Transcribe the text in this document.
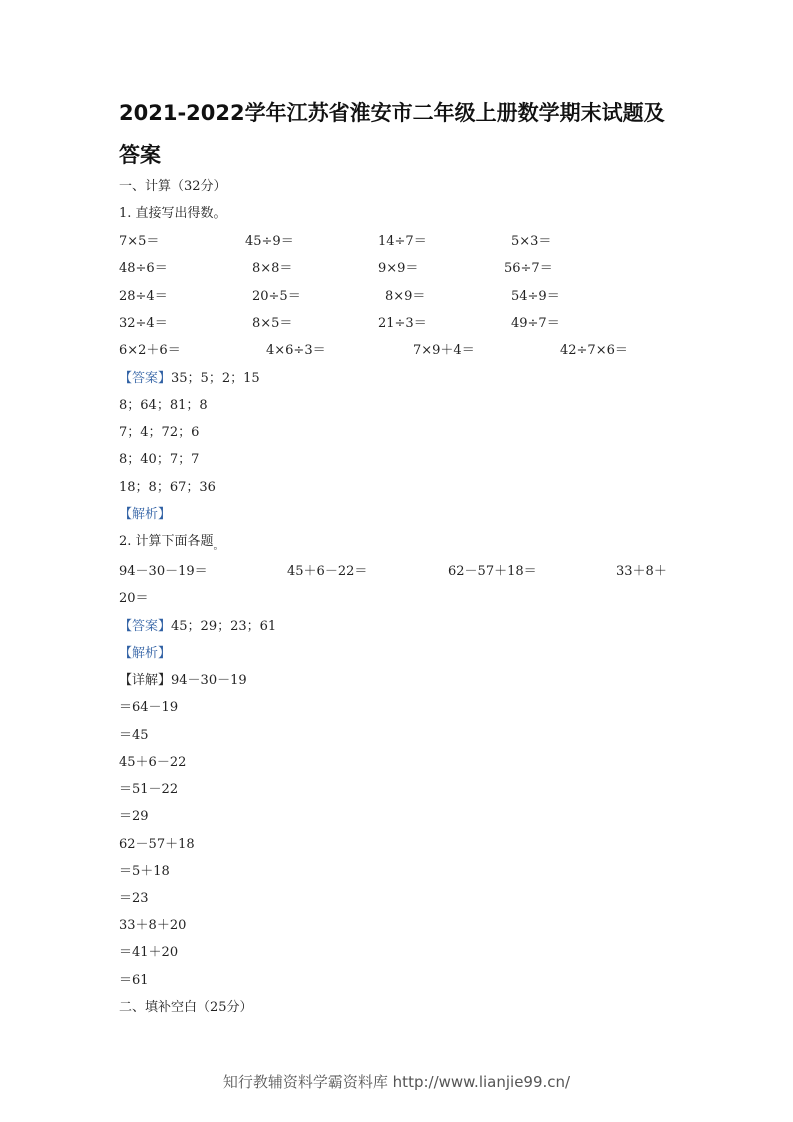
2021-2022学年江苏省淮安市二年级上册数学期末试题及答案
一、计算（32分）
1. 直接写出得数。
7×5＝	45÷9＝	14÷7＝	5×3＝
48÷6＝	8×8＝	9×9＝	56÷7＝
28÷4＝	20÷5＝	8×9＝	54÷9＝
32÷4＝	8×5＝	21÷3＝	49÷7＝
6×2＋6＝	4×6÷3＝	7×9＋4＝	42÷7×6＝
【答案】35；5；2；15
8；64；81；8
7；4；72；6
8；40；7；7
18；8；67；36
【解析】
2. 计算下面各题$_。$
94－30－19＝	45＋6－22＝	62－57＋18＝	33＋8＋
20＝
【答案】45；29；23；61
【解析】
【详解】94－30－19
＝64－19
＝45
45＋6－22
＝51－22
＝29
62－57＋18
＝5＋18
＝23
33＋8＋20
＝41＋20
＝61
二、填补空白（25分）
知行教辅资料学霸资料库 http://www.lianjie99.cn/
